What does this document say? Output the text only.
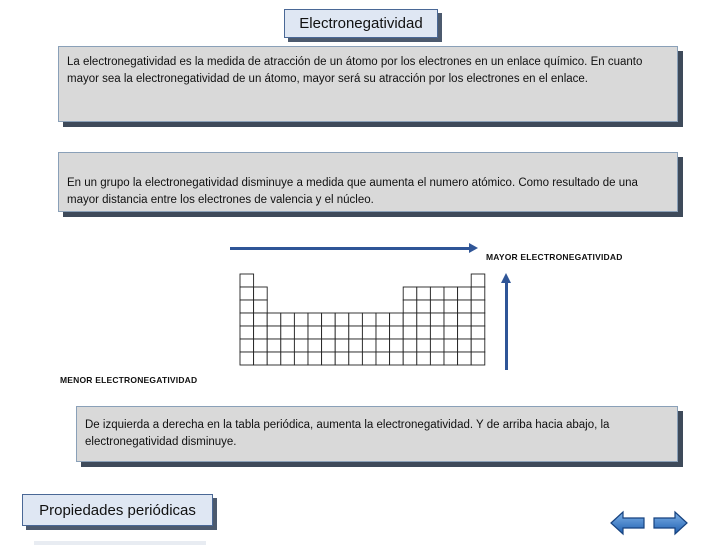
Electronegatividad
La electronegatividad es la medida de atracción de un átomo por los electrones en un enlace químico. En cuanto mayor sea la electronegatividad de un átomo, mayor será su atracción por los electrones en el enlace.
En un grupo la electronegatividad disminuye a medida que aumenta el numero atómico. Como resultado de una mayor distancia entre los electrones de valencia y el núcleo.
MAYOR ELECTRONEGATIVIDAD
MENOR ELECTRONEGATIVIDAD
De izquierda a derecha en la tabla periódica, aumenta la electronegatividad. Y de arriba hacia abajo, la electronegatividad disminuye.
Propiedades periódicas
